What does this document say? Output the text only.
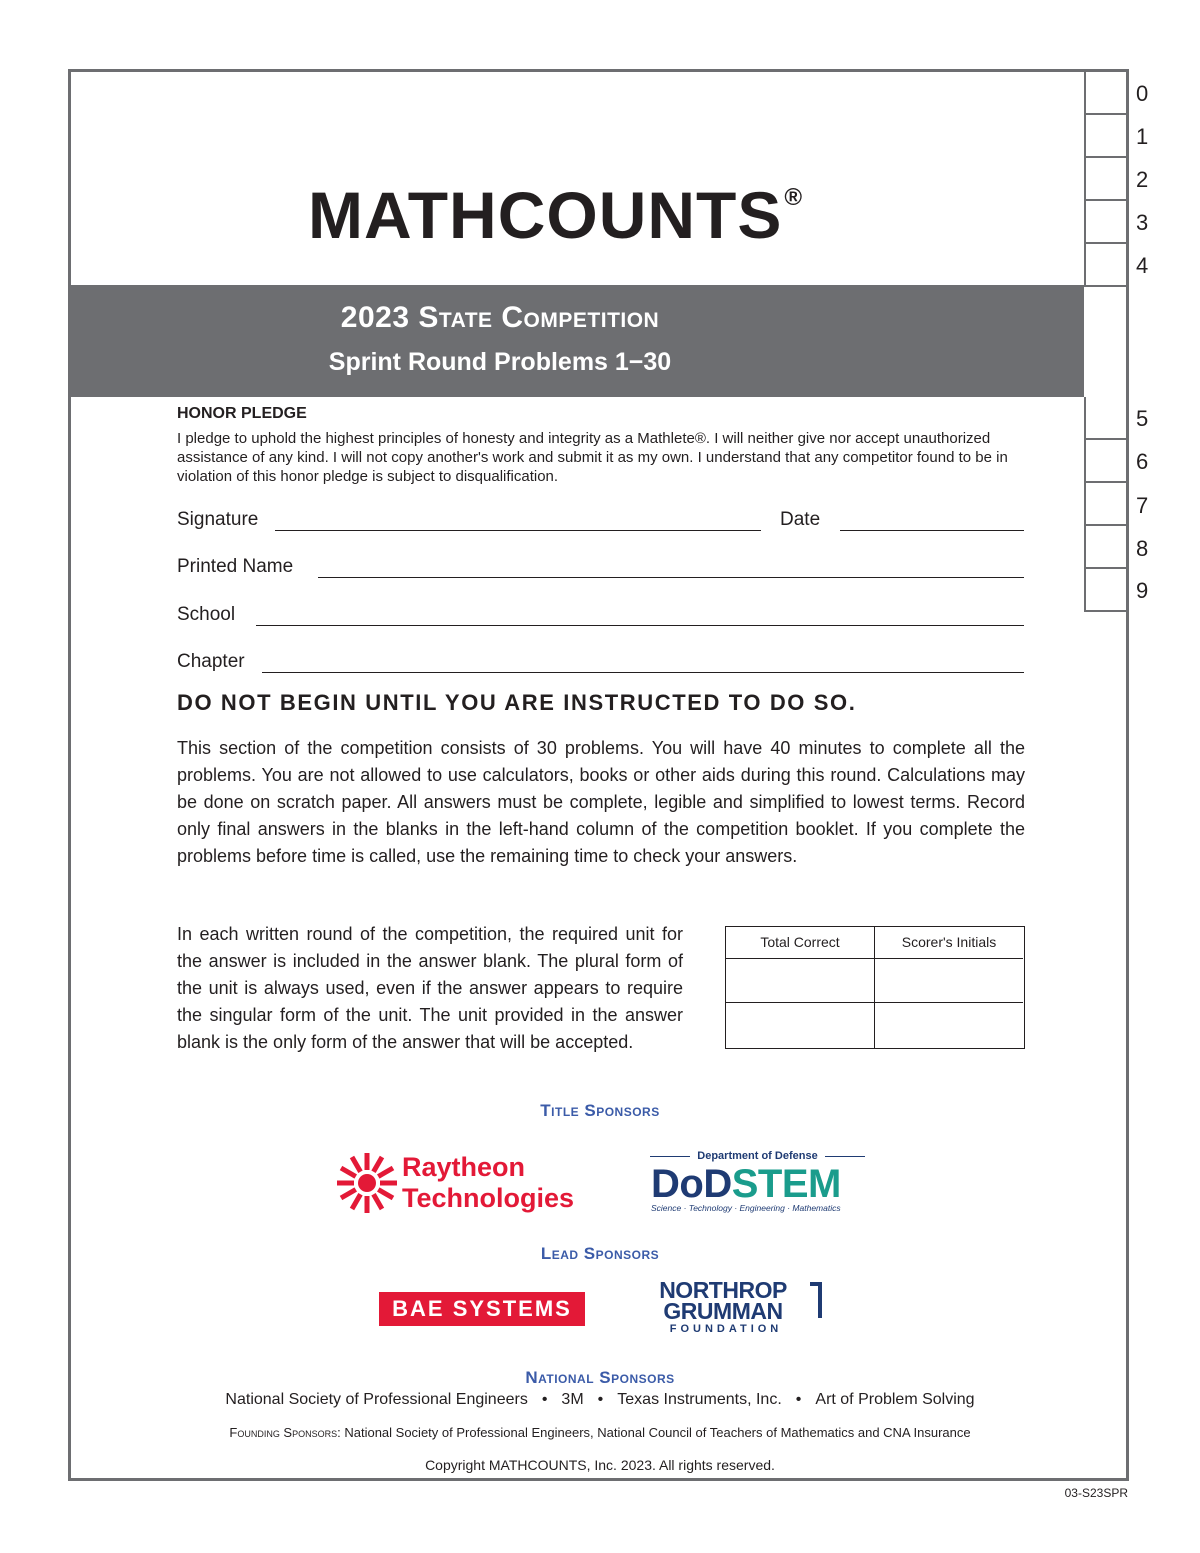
0
1
2
3
4
5
6
7
8
9
MATHCOUNTS®
2023 State Competition
Sprint Round Problems 1−30
HONOR PLEDGE
I pledge to uphold the highest principles of honesty and integrity as a Mathlete®. I will neither give nor accept unauthorized assistance of any kind. I will not copy another's work and submit it as my own. I understand that any competitor found to be in violation of this honor pledge is subject to disqualification.
Signature	Date
Printed Name
School
Chapter
DO NOT BEGIN UNTIL YOU ARE INSTRUCTED TO DO SO.
This section of the competition consists of 30 problems. You will have 40 minutes to complete all the problems. You are not allowed to use calculators, books or other aids during this round. Calculations may be done on scratch paper. All answers must be complete, legible and simplified to lowest terms. Record only final answers in the blanks in the left-hand column of the competition booklet. If you complete the problems before time is called, use the remaining time to check your answers.
In each written round of the competition, the required unit for the answer is included in the answer blank. The plural form of the unit is always used, even if the answer appears to require the singular form of the unit. The unit provided in the answer blank is the only form of the answer that will be accepted.
Total Correct	Scorer's Initials
Title Sponsors
Raytheon
Technologies
Department of Defense
DoDSTEM
Science · Technology · Engineering · Mathematics
Lead Sponsors
BAE SYSTEMS
NORTHROP
GRUMMAN
FOUNDATION
National Sponsors
National Society of Professional Engineers • 3M • Texas Instruments, Inc. • Art of Problem Solving
Founding Sponsors: National Society of Professional Engineers, National Council of Teachers of Mathematics and CNA Insurance
Copyright MATHCOUNTS, Inc. 2023. All rights reserved.
03-S23SPR
